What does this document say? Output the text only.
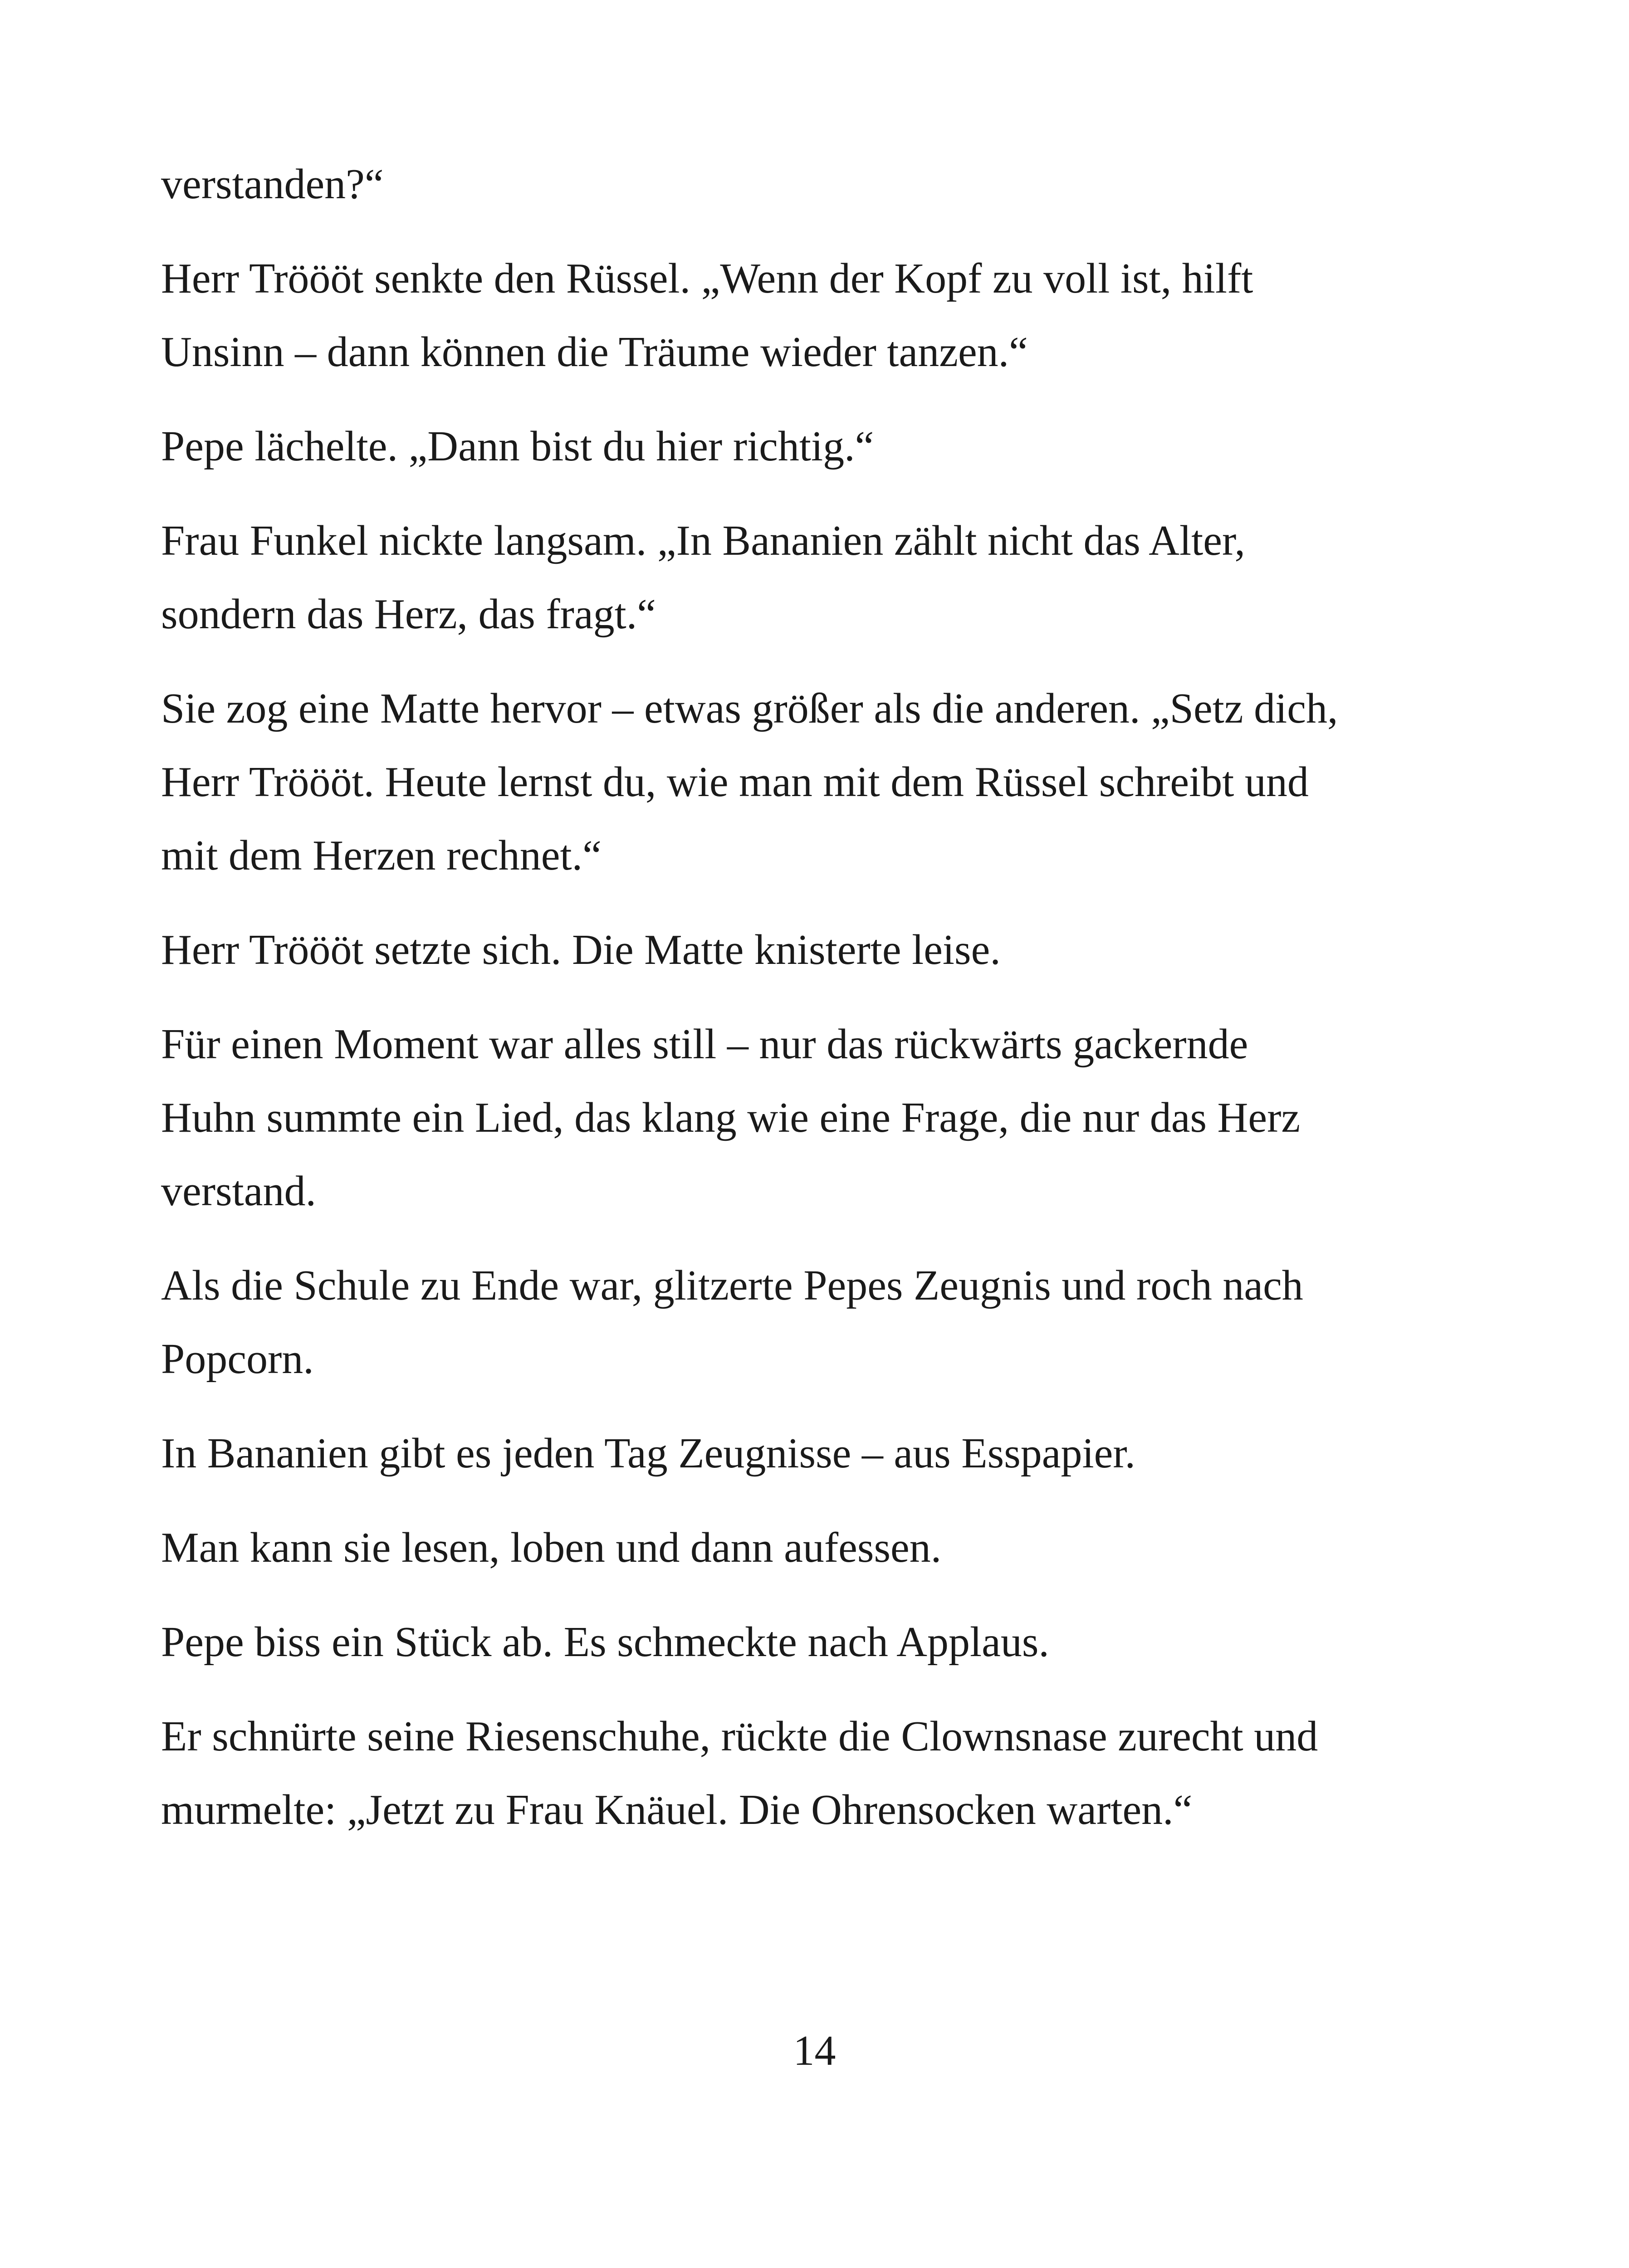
verstanden?“

Herr Tröööt senkte den Rüssel. „Wenn der Kopf zu voll ist, hilft Unsinn – dann können die Träume wieder tanzen.“

Pepe lächelte. „Dann bist du hier richtig.“

Frau Funkel nickte langsam. „In Bananien zählt nicht das Alter, sondern das Herz, das fragt.“

Sie zog eine Matte hervor – etwas größer als die anderen. „Setz dich, Herr Tröööt. Heute lernst du, wie man mit dem Rüssel schreibt und mit dem Herzen rechnet.“

Herr Tröööt setzte sich. Die Matte knisterte leise.

Für einen Moment war alles still – nur das rückwärts gackernde Huhn summte ein Lied, das klang wie eine Frage, die nur das Herz verstand.

Als die Schule zu Ende war, glitzerte Pepes Zeugnis und roch nach Popcorn.

In Bananien gibt es jeden Tag Zeugnisse – aus Esspapier.

Man kann sie lesen, loben und dann aufessen.

Pepe biss ein Stück ab. Es schmeckte nach Applaus.

Er schnürte seine Riesenschuhe, rückte die Clownsnase zurecht und murmelte: „Jetzt zu Frau Knäuel. Die Ohrensocken warten.“

14
